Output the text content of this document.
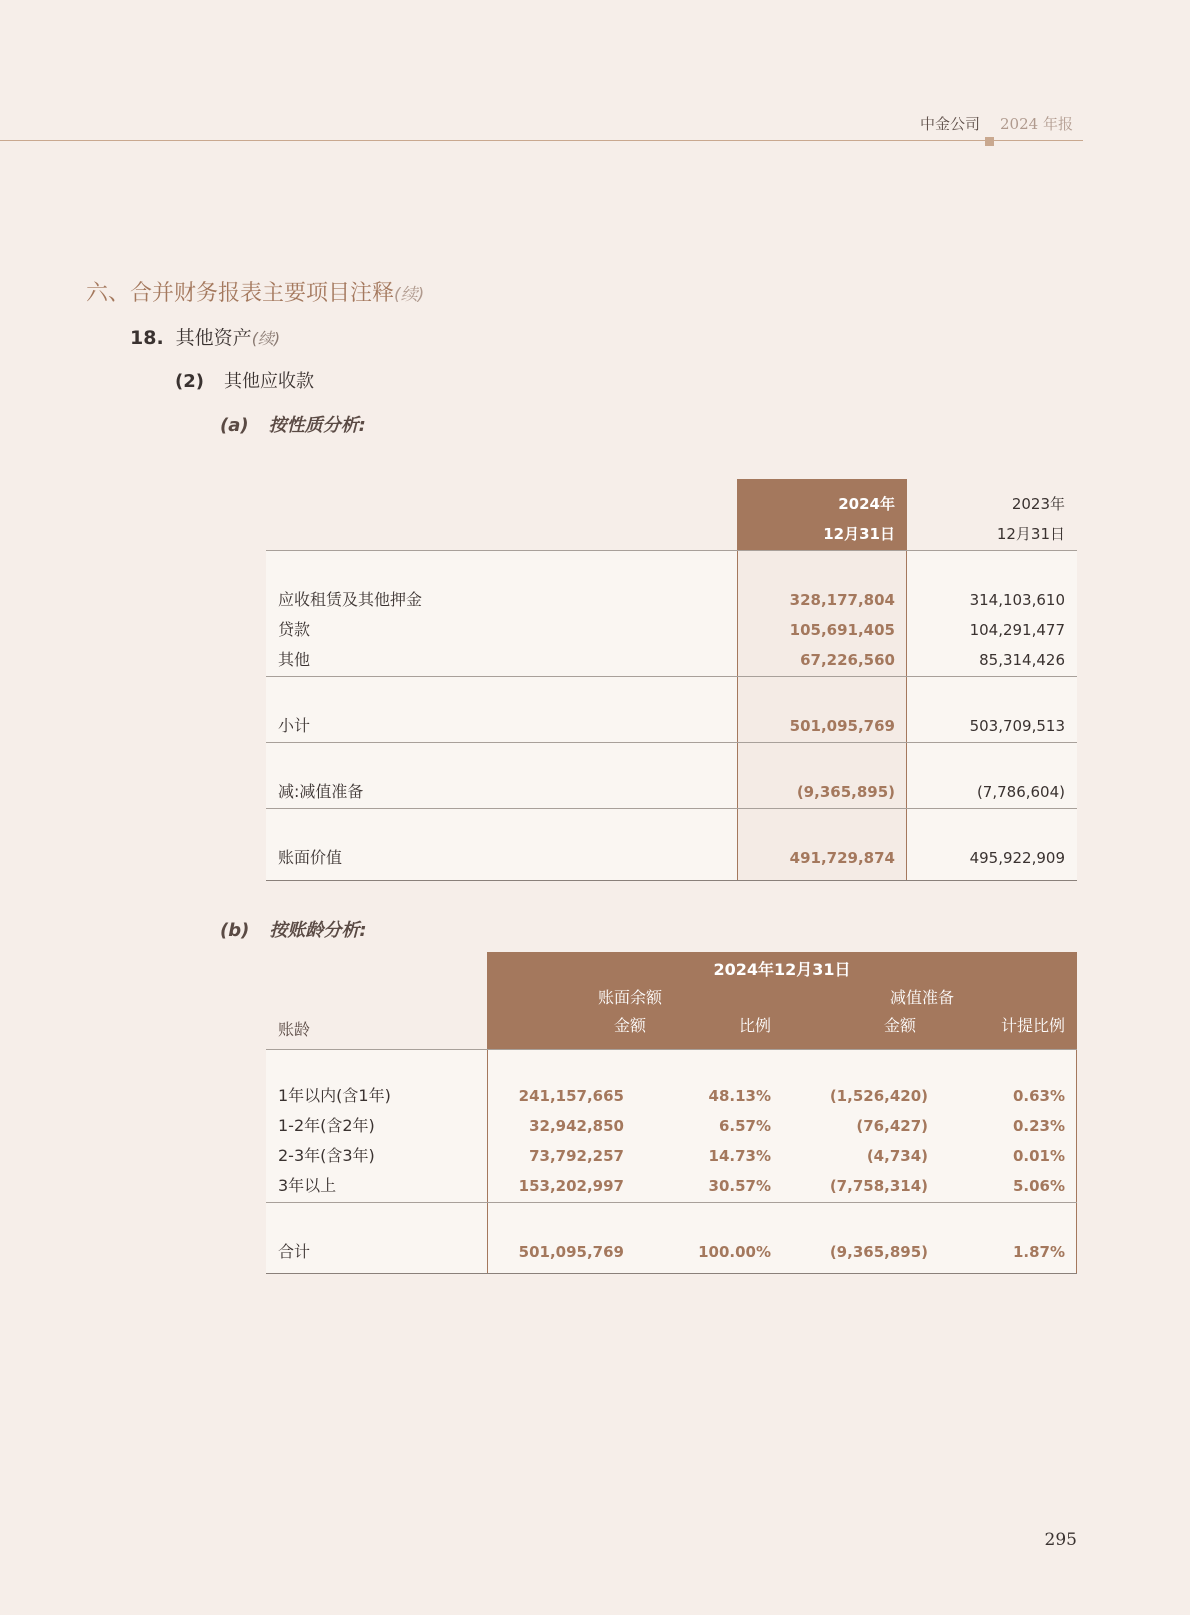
中金公司 2024 年报
六、合并财务报表主要项目注释(续)
18. 其他资产(续)
(2) 其他应收款
(a) 按性质分析:
2024年
12月31日
2023年
12月31日
应收租赁及其他押金	328,177,804	314,103,610
贷款	105,691,405	104,291,477
其他	67,226,560	85,314,426
小计	501,095,769	503,709,513
减:减值准备	(9,365,895)	(7,786,604)
账面价值	491,729,874	495,922,909
(b) 按账龄分析:
2024年12月31日
账面余额	减值准备
金额	比例	金额	计提比例
账龄
1年以内(含1年)	241,157,665	48.13%	(1,526,420)	0.63%
1-2年(含2年)	32,942,850	6.57%	(76,427)	0.23%
2-3年(含3年)	73,792,257	14.73%	(4,734)	0.01%
3年以上	153,202,997	30.57%	(7,758,314)	5.06%
合计	501,095,769	100.00%	(9,365,895)	1.87%
295
